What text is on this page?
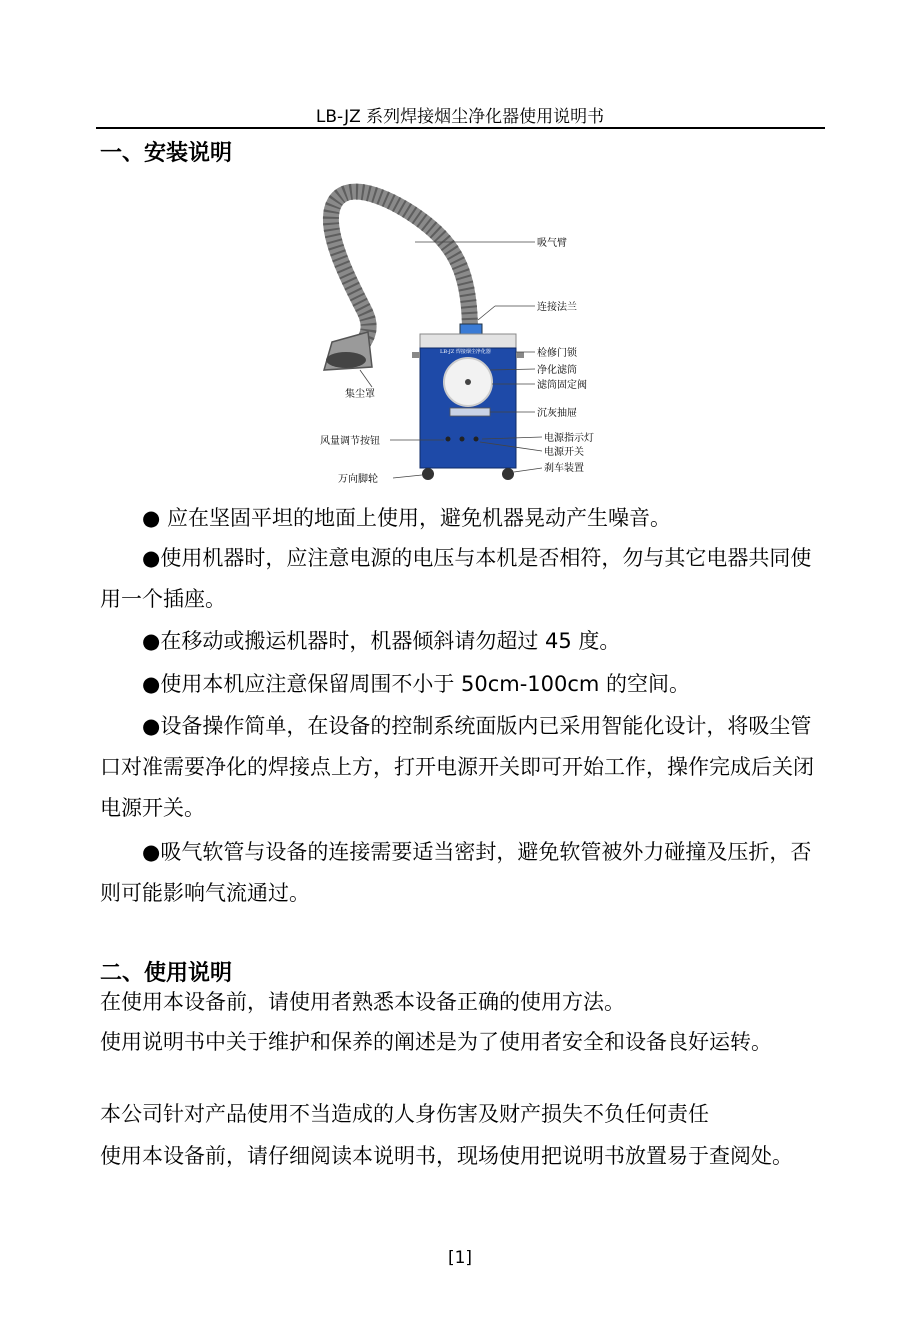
LB-JZ 系列焊接烟尘净化器使用说明书
一、安装说明
LB-JZ 焊接烟尘净化器
吸气臂
连接法兰
检修门锁
净化滤筒
滤筒固定阀
沉灰抽屉
电源指示灯
电源开关
刹车装置
集尘罩
风量调节按钮
万向脚轮
● 应在坚固平坦的地面上使用，避免机器晃动产生噪音。
●使用机器时，应注意电源的电压与本机是否相符，勿与其它电器共同使用一个插座。
●在移动或搬运机器时，机器倾斜请勿超过 45 度。
●使用本机应注意保留周围不小于 50cm-100cm 的空间。
●设备操作简单，在设备的控制系统面版内已采用智能化设计，将吸尘管口对准需要净化的焊接点上方，打开电源开关即可开始工作，操作完成后关闭电源开关。
●吸气软管与设备的连接需要适当密封，避免软管被外力碰撞及压折，否则可能影响气流通过。
二、使用说明
在使用本设备前，请使用者熟悉本设备正确的使用方法。
使用说明书中关于维护和保养的阐述是为了使用者安全和设备良好运转。
本公司针对产品使用不当造成的人身伤害及财产损失不负任何责任
使用本设备前，请仔细阅读本说明书，现场使用把说明书放置易于查阅处。
[1]
